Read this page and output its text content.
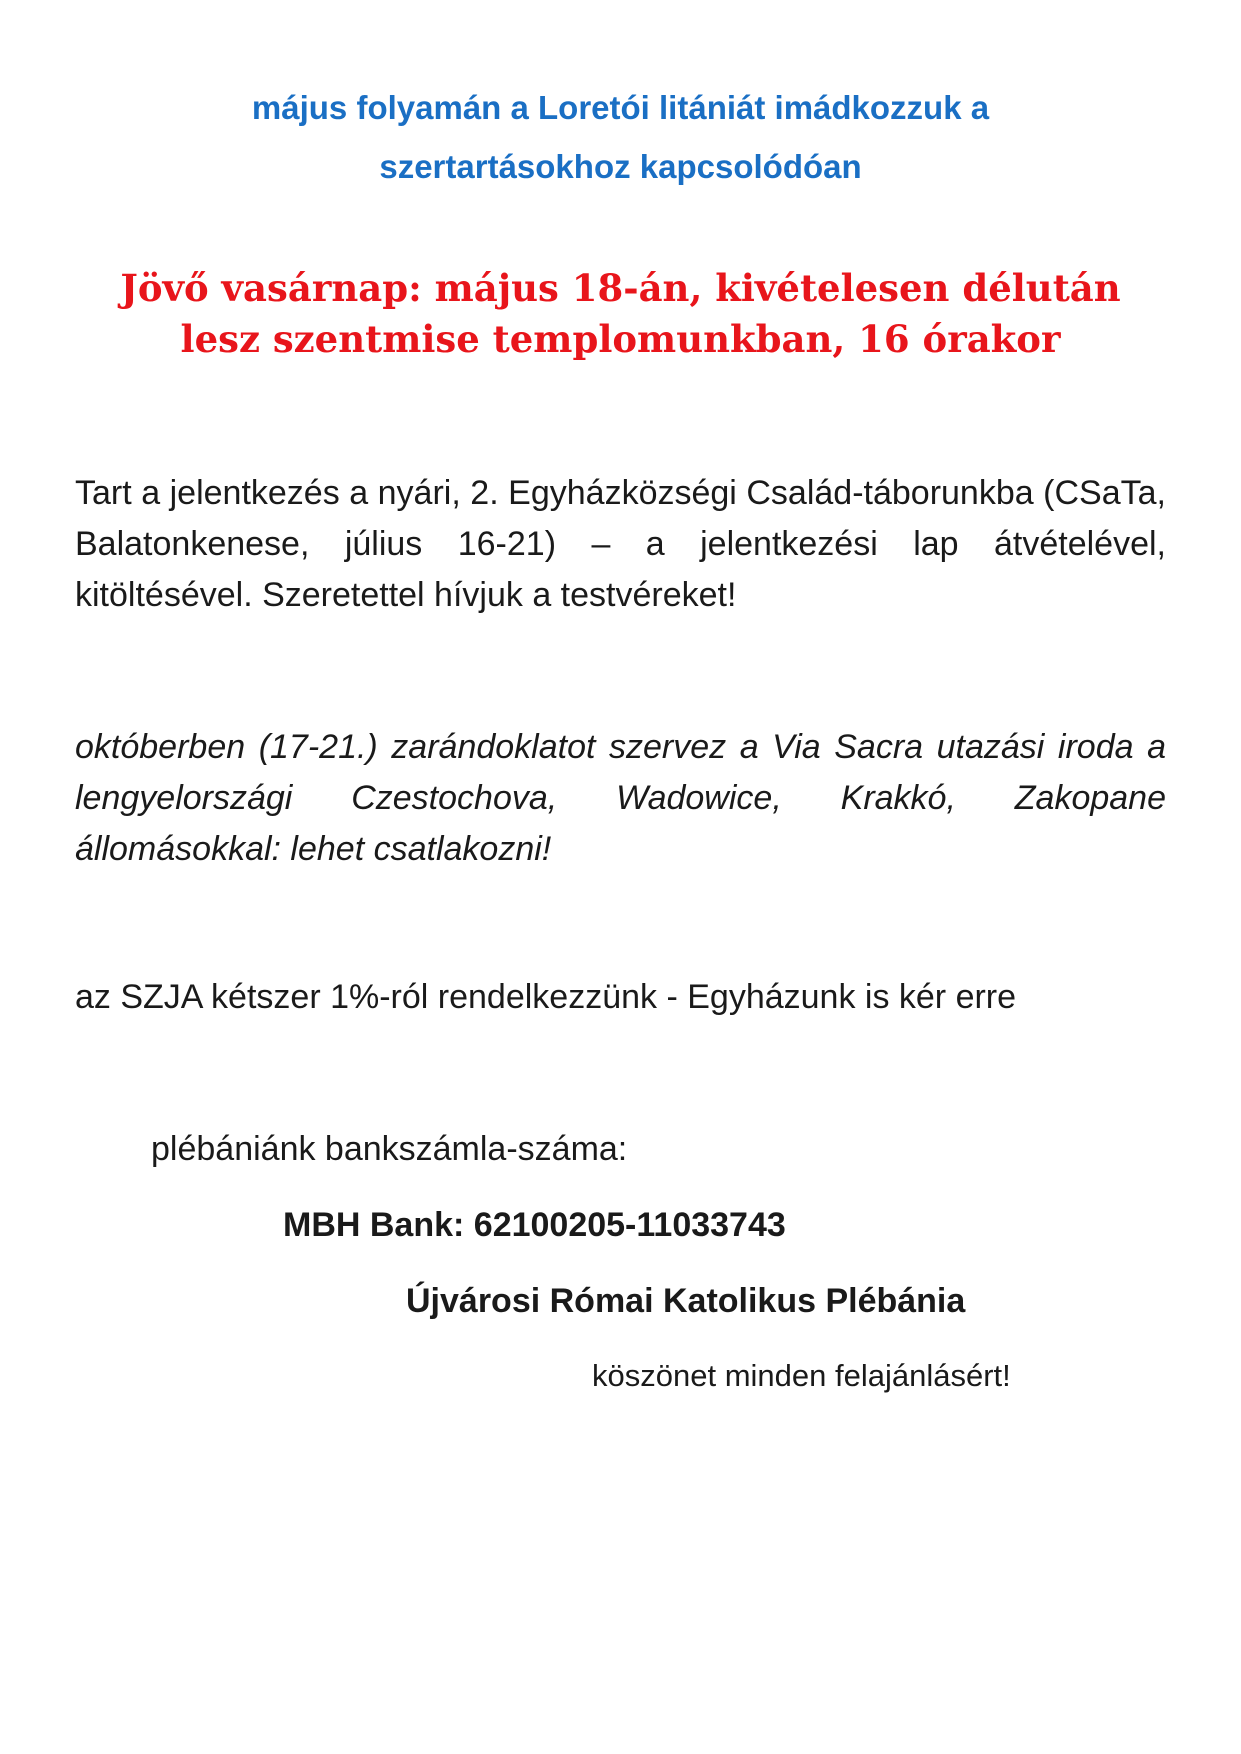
május folyamán a Loretói litániát imádkozzuk a
szertartásokhoz kapcsolódóan
Jövő vasárnap: május 18-án, kivételesen délután
lesz szentmise templomunkban, 16 órakor
Tart a jelentkezés a nyári, 2. Egyházközségi Család-táborunkba (CSaTa, Balatonkenese, július 16-21) – a jelentkezési lap átvételével, kitöltésével. Szeretettel hívjuk a testvéreket!
októberben (17-21.) zarándoklatot szervez a Via Sacra utazási iroda a lengyelországi Czestochova, Wadowice, Krakkó, Zakopane állomásokkal: lehet csatlakozni!
az SZJA kétszer 1%-ról rendelkezzünk - Egyházunk is kér erre
plébániánk bankszámla-száma:
MBH Bank: 62100205-11033743
Újvárosi Római Katolikus Plébánia
köszönet minden felajánlásért!
